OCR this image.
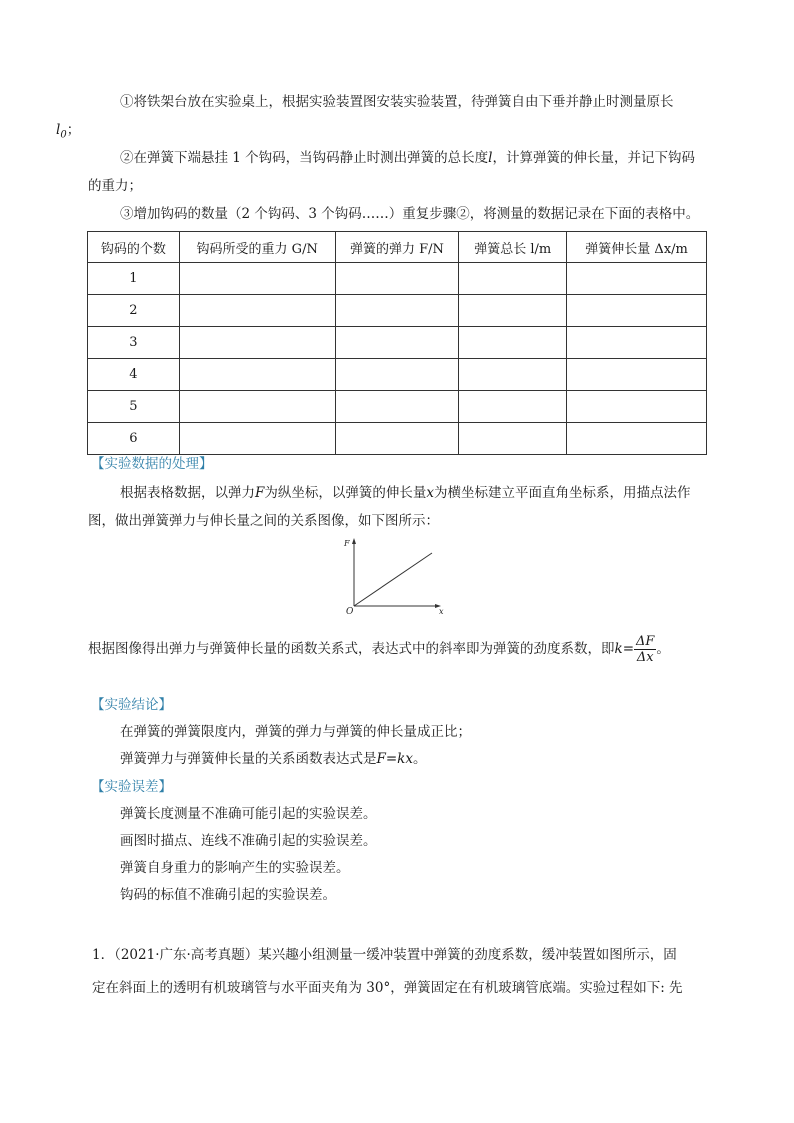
①将铁架台放在实验桌上，根据实验装置图安装实验装置，待弹簧自由下垂并静止时测量原长
$l_0$；

②在弹簧下端悬挂 1 个钩码，当钩码静止时测出弹簧的总长度l，计算弹簧的伸长量，并记下钩码的重力；

③增加钩码的数量（2 个钩码、3 个钩码……）重复步骤②，将测量的数据记录在下面的表格中。
钩码的个数	钩码所受的重力 G/N	弹簧的弹力 F/N	弹簧总长 l/m	弹簧伸长量 Δx/m
1				
2				
3				
4				
5				
6				
【实验数据的处理】

根据表格数据，以弹力F为纵坐标，以弹簧的伸长量x为横坐标建立平面直角坐标系，用描点法作图，做出弹簧弹力与伸长量之间的关系图像，如下图所示：

F
x
O
根据图像得出弹力与弹簧伸长量的函数关系式，表达式中的斜率即为弹簧的劲度系数，即$k= \frac{\Delta F}{\Delta x}$ 。
【实验结论】
在弹簧的弹簧限度内，弹簧的弹力与弹簧的伸长量成正比；
弹簧弹力与弹簧伸长量的关系函数表达式是F=kx。
【实验误差】
弹簧长度测量不准确可能引起的实验误差。
画图时描点、连线不准确引起的实验误差。
弹簧自身重力的影响产生的实验误差。
钩码的标值不准确引起的实验误差。
1．（2021·广东·高考真题）某兴趣小组测量一缓冲装置中弹簧的劲度系数，缓冲装置如图所示，固
定在斜面上的透明有机玻璃管与水平面夹角为 30°，弹簧固定在有机玻璃管底端。实验过程如下: 先
